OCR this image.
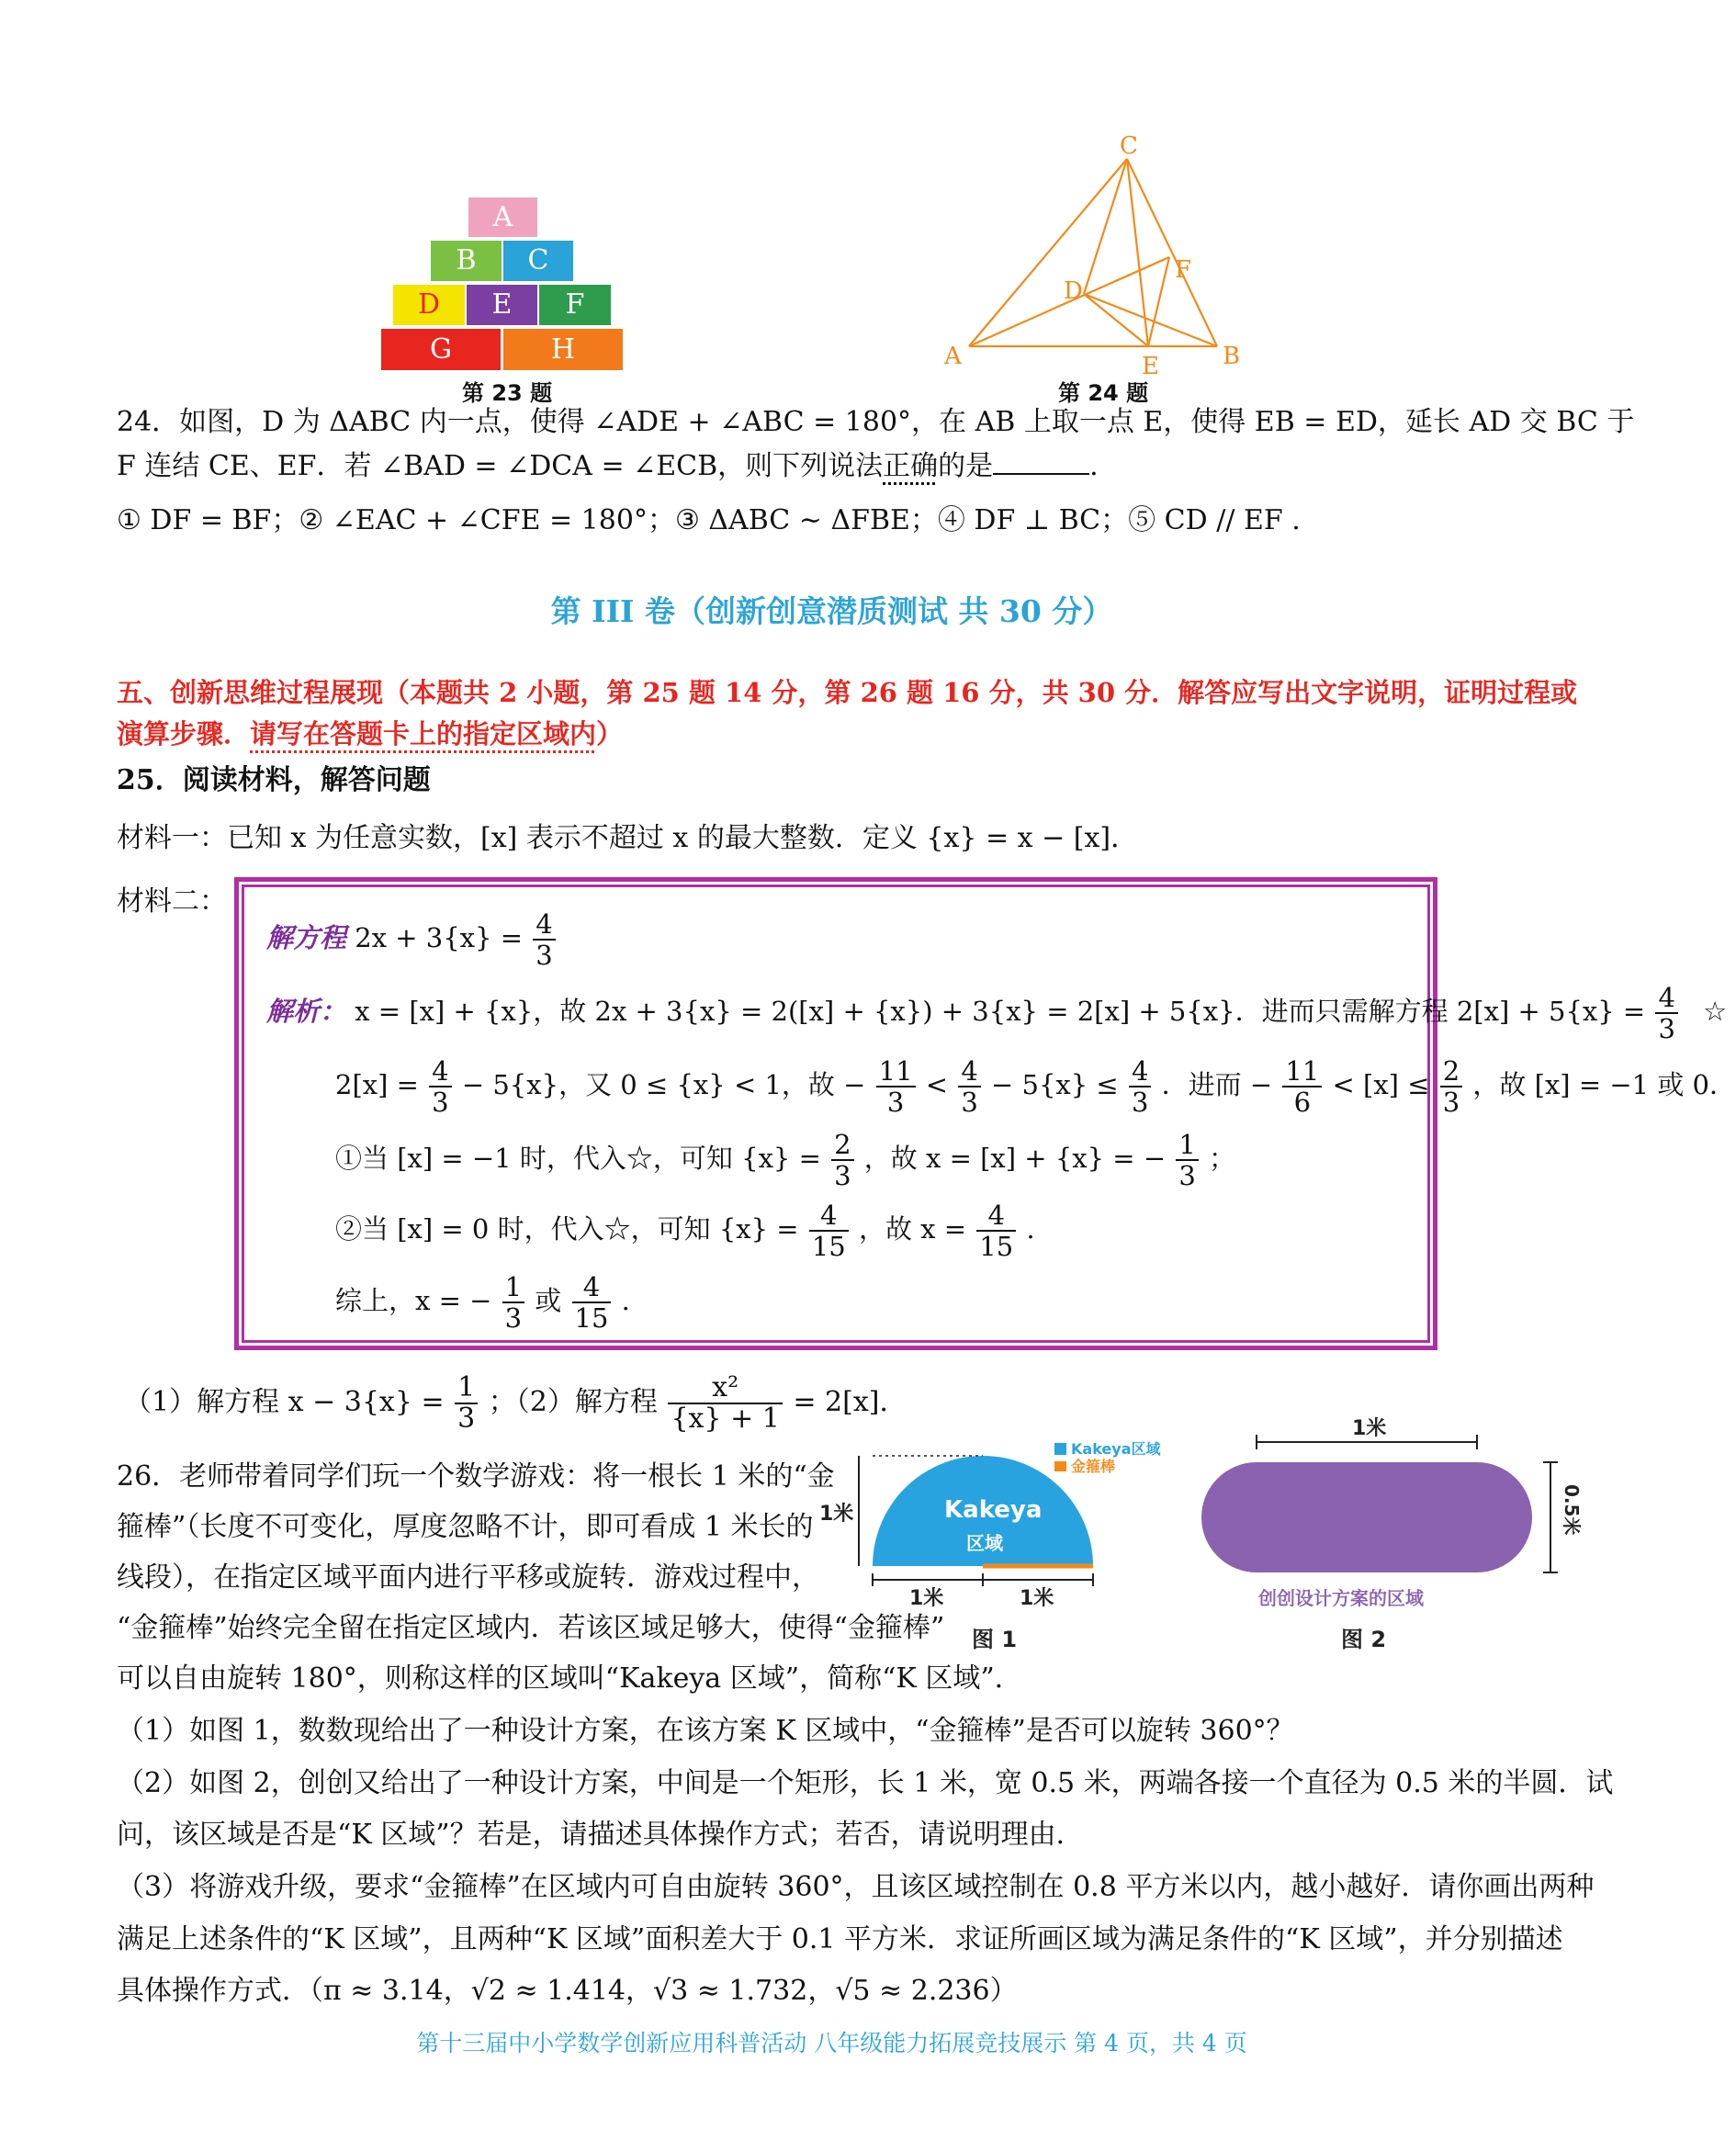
A
B	C
D	E	F
G	H
第 23 题
C
F
D
A	E	B
第 24 题
24．如图，D 为 ΔABC 内一点，使得 ∠ADE + ∠ABC = 180°，在 AB 上取一点 E，使得 EB = ED，延长 AD 交 BC 于
F 连结 CE、EF．若 ∠BAD = ∠DCA = ∠ECB，则下列说法正确的是	.
① DF = BF；② ∠EAC + ∠CFE = 180°；③ ΔABC ∼ ΔFBE；④ DF ⊥ BC；⑤ CD // EF .
第 III 卷（创新创意潜质测试 共 30 分）
五、创新思维过程展现（本题共 2 小题，第 25 题 14 分，第 26 题 16 分，共 30 分．解答应写出文字说明，证明过程或
演算步骤．请写在答题卡上的指定区域内）
25．阅读材料，解答问题
材料一：已知 x 为任意实数，[x] 表示不超过 x 的最大整数．定义 {x} = x − [x]．
材料二：
解方程 $2x + 3\{x\} = \frac{4}{3}$
解析： x = [x] + {x}，故 2x + 3{x} = 2([x] + {x}) + 3{x} = 2[x] + 5{x}．进而只需解方程 $2[x] + 5\{x\} = \frac{4}{3}$ ☆
$2[x] = \frac{4}{3} - 5\{x\}$，又 0 ≤ {x} < 1，故 − $\frac{11}{3} < \frac{4}{3} - 5\{x\} \le \frac{4}{3}$ ．进而 − $\frac{11}{6} < [x] \le \frac{2}{3}$ ，故 [x] = −1 或 0．
①当 [x] = −1 时，代入☆，可知 $\{x\} = \frac{2}{3}$ ，故 x = [x] + {x} = − $\frac{1}{3}$ ；
②当 [x] = 0 时，代入☆，可知 $\{x\} = \frac{4}{15}$ ，故 $x = \frac{4}{15}$ .
综上，x = − $\frac{1}{3}$ 或 $\frac{4}{15}$ .
（1）解方程 $x - 3\{x\} = \frac{1}{3}$ ；（2）解方程 $\frac{\text{x²}}{\{x\} + 1} = 2[x]$．
26．老师带着同学们玩一个数学游戏：将一根长 1 米的“金
箍棒”（长度不可变化，厚度忽略不计，即可看成 1 米长的
线段），在指定区域平面内进行平移或旋转．游戏过程中，
“金箍棒”始终完全留在指定区域内．若该区域足够大，使得“金箍棒”
可以自由旋转 180°，则称这样的区域叫“Kakeya 区域”，简称“K 区域”．
（1）如图 1，数数现给出了一种设计方案，在该方案 K 区域中，“金箍棒”是否可以旋转 360°？
（2）如图 2，创创又给出了一种设计方案，中间是一个矩形，长 1 米，宽 0.5 米，两端各接一个直径为 0.5 米的半圆．试
问，该区域是否是“K 区域”？若是，请描述具体操作方式；若否，请说明理由．
（3）将游戏升级，要求“金箍棒”在区域内可自由旋转 360°，且该区域控制在 0.8 平方米以内，越小越好．请你画出两种
满足上述条件的“K 区域”，且两种“K 区域”面积差大于 0.1 平方米．求证所画区域为满足条件的“K 区域”，并分别描述
具体操作方式．（π ≈ 3.14，√2 ≈ 1.414，√3 ≈ 1.732，√5 ≈ 2.236）
Kakeya区域
金箍棒
Kakeya
区域
1米
1米	1米
图 1
1米
0.5米
创创设计方案的区域
图 2
第十三届中小学数学创新应用科普活动 八年级能力拓展竞技展示 第 4 页，共 4 页
